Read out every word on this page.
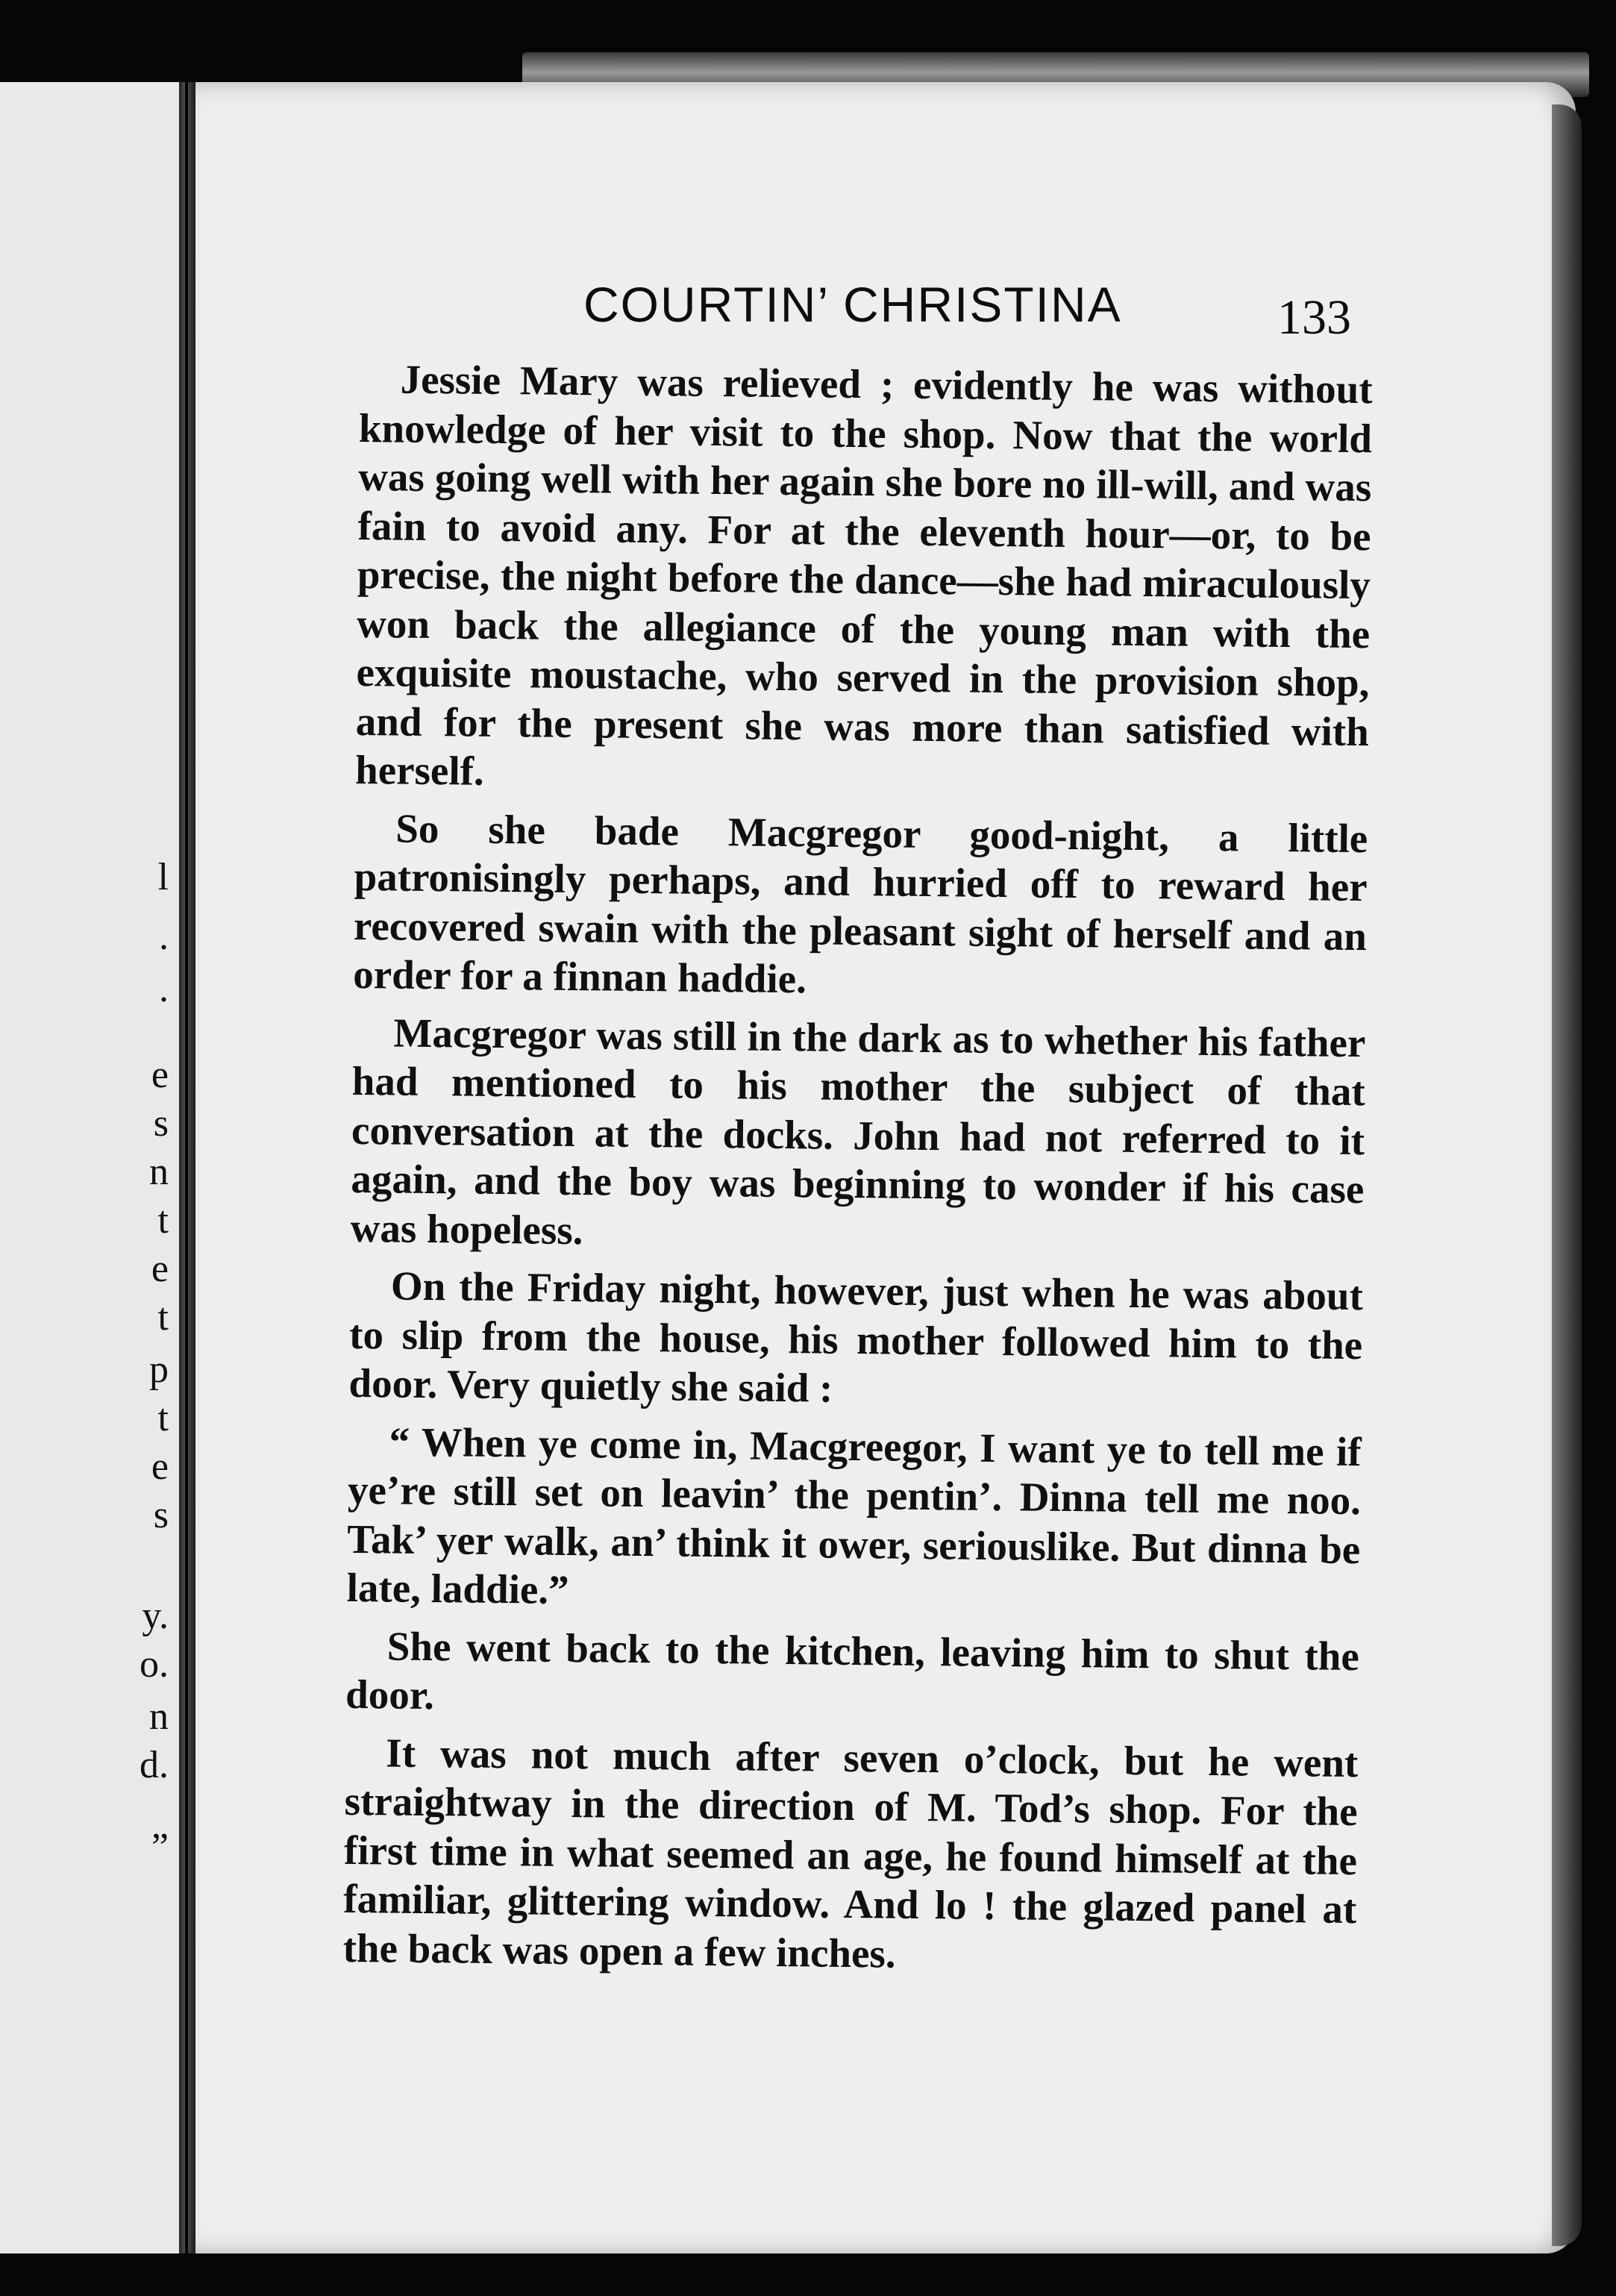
l
.
.
e
s
n
t
e
t
p
t
e
s
y.
o.
n
d.
”
COURTIN’ CHRISTINA	133

Jessie Mary was relieved ; evidently he was without knowledge of her visit to the shop. Now that the world was going well with her again she bore no ill-will, and was fain to avoid any. For at the eleventh hour—or, to be precise, the night before the dance—she had miraculously won back the allegiance of the young man with the exquisite moustache, who served in the provision shop, and for the present she was more than satisfied with herself.

So she bade Macgregor good-night, a little patronisingly perhaps, and hurried off to reward her recovered swain with the pleasant sight of herself and an order for a finnan haddie.

Macgregor was still in the dark as to whether his father had mentioned to his mother the subject of that conversation at the docks. John had not referred to it again, and the boy was beginning to wonder if his case was hopeless.

On the Friday night, however, just when he was about to slip from the house, his mother followed him to the door. Very quietly she said :

“ When ye come in, Macgreegor, I want ye to tell me if ye’re still set on leavin’ the pentin’. Dinna tell me noo. Tak’ yer walk, an’ think it ower, seriouslike. But dinna be late, laddie.”

She went back to the kitchen, leaving him to shut the door.

It was not much after seven o’clock, but he went straightway in the direction of M. Tod’s shop. For the first time in what seemed an age, he found himself at the familiar, glittering window. And lo ! the glazed panel at the back was open a few inches.
